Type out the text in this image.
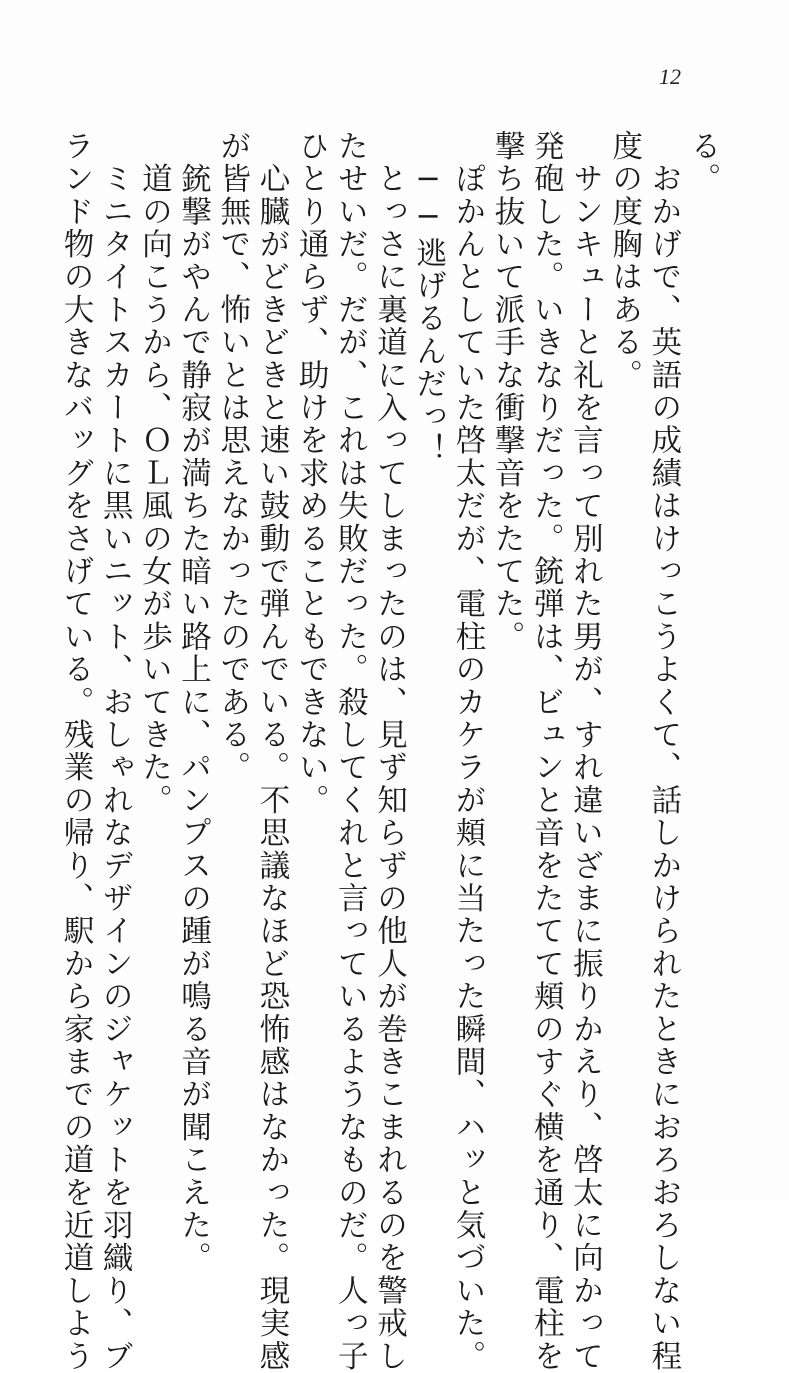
12

る。

　おかげで、英語の成績はけっこうよくて、話しかけられたときにおろおろしない程

度の度胸はある。

　サンキューと礼を言って別れた男が、すれ違いざまに振りかえり、啓太に向かって

発砲した。いきなりだった。銃弾は、ビュンと音をたてて頬のすぐ横を通り、電柱を

撃ち抜いて派手な衝撃音をたてた。

　ぽかんとしていた啓太だが、電柱のカケラが頬に当たった瞬間、ハッと気づいた。

　──逃げるんだっ！

　とっさに裏道に入ってしまったのは、見ず知らずの他人が巻きこまれるのを警戒し

たせいだ。だが、これは失敗だった。殺してくれと言っているようなものだ。人っ子

ひとり通らず、助けを求めることもできない。

　心臓がどきどきと速い鼓動で弾んでいる。不思議なほど恐怖感はなかった。現実感

が皆無で、怖いとは思えなかったのである。

　銃撃がやんで静寂が満ちた暗い路上に、パンプスの踵が鳴る音が聞こえた。

　道の向こうから、ＯＬ風の女が歩いてきた。

　ミニタイトスカートに黒いニット、おしゃれなデザインのジャケットを羽織り、ブ

ランド物の大きなバッグをさげている。残業の帰り、駅から家までの道を近道しよう
